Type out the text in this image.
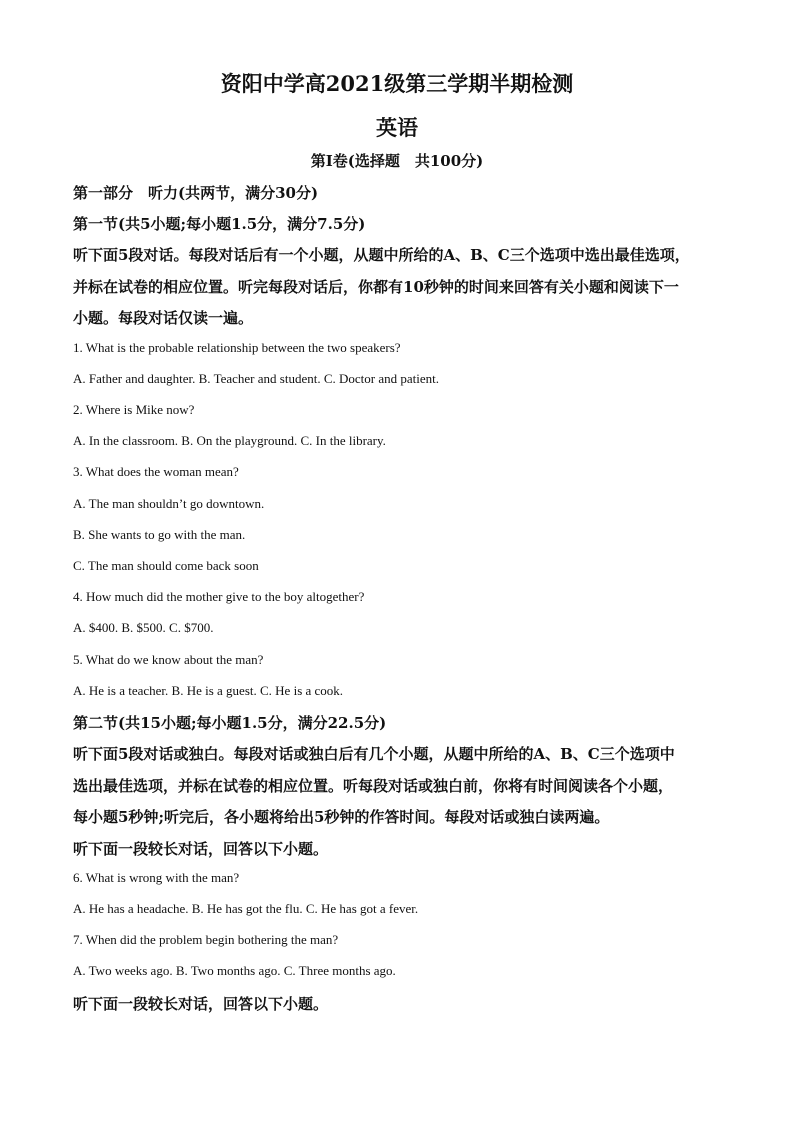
资阳中学高2021级第三学期半期检测
英语
第Ⅰ卷(选择题　共100分)
第一部分　听力(共两节，满分30分)
第一节(共5小题;每小题1.5分，满分7.5分)
听下面5段对话。每段对话后有一个小题，从题中所给的A、B、C三个选项中选出最佳选项，
并标在试卷的相应位置。听完每段对话后，你都有10秒钟的时间来回答有关小题和阅读下一
小题。每段对话仅读一遍。
1. What is the probable relationship between the two speakers?
A. Father and daughter. B. Teacher and student. C. Doctor and patient.
2. Where is Mike now?
A. In the classroom. B. On the playground. C. In the library.
3. What does the woman mean?
A. The man shouldn’t go downtown.
B. She wants to go with the man.
C. The man should come back soon
4. How much did the mother give to the boy altogether?
A. $400. B. $500. C. $700.
5. What do we know about the man?
A. He is a teacher. B. He is a guest. C. He is a cook.
第二节(共15小题;每小题1.5分，满分22.5分)
听下面5段对话或独白。每段对话或独白后有几个小题，从题中所给的A、B、C三个选项中
选出最佳选项，并标在试卷的相应位置。听每段对话或独白前，你将有时间阅读各个小题，
每小题5秒钟;听完后，各小题将给出5秒钟的作答时间。每段对话或独白读两遍。
听下面一段较长对话，回答以下小题。
6. What is wrong with the man?
A. He has a headache. B. He has got the flu. C. He has got a fever.
7. When did the problem begin bothering the man?
A. Two weeks ago. B. Two months ago. C. Three months ago.
听下面一段较长对话，回答以下小题。
